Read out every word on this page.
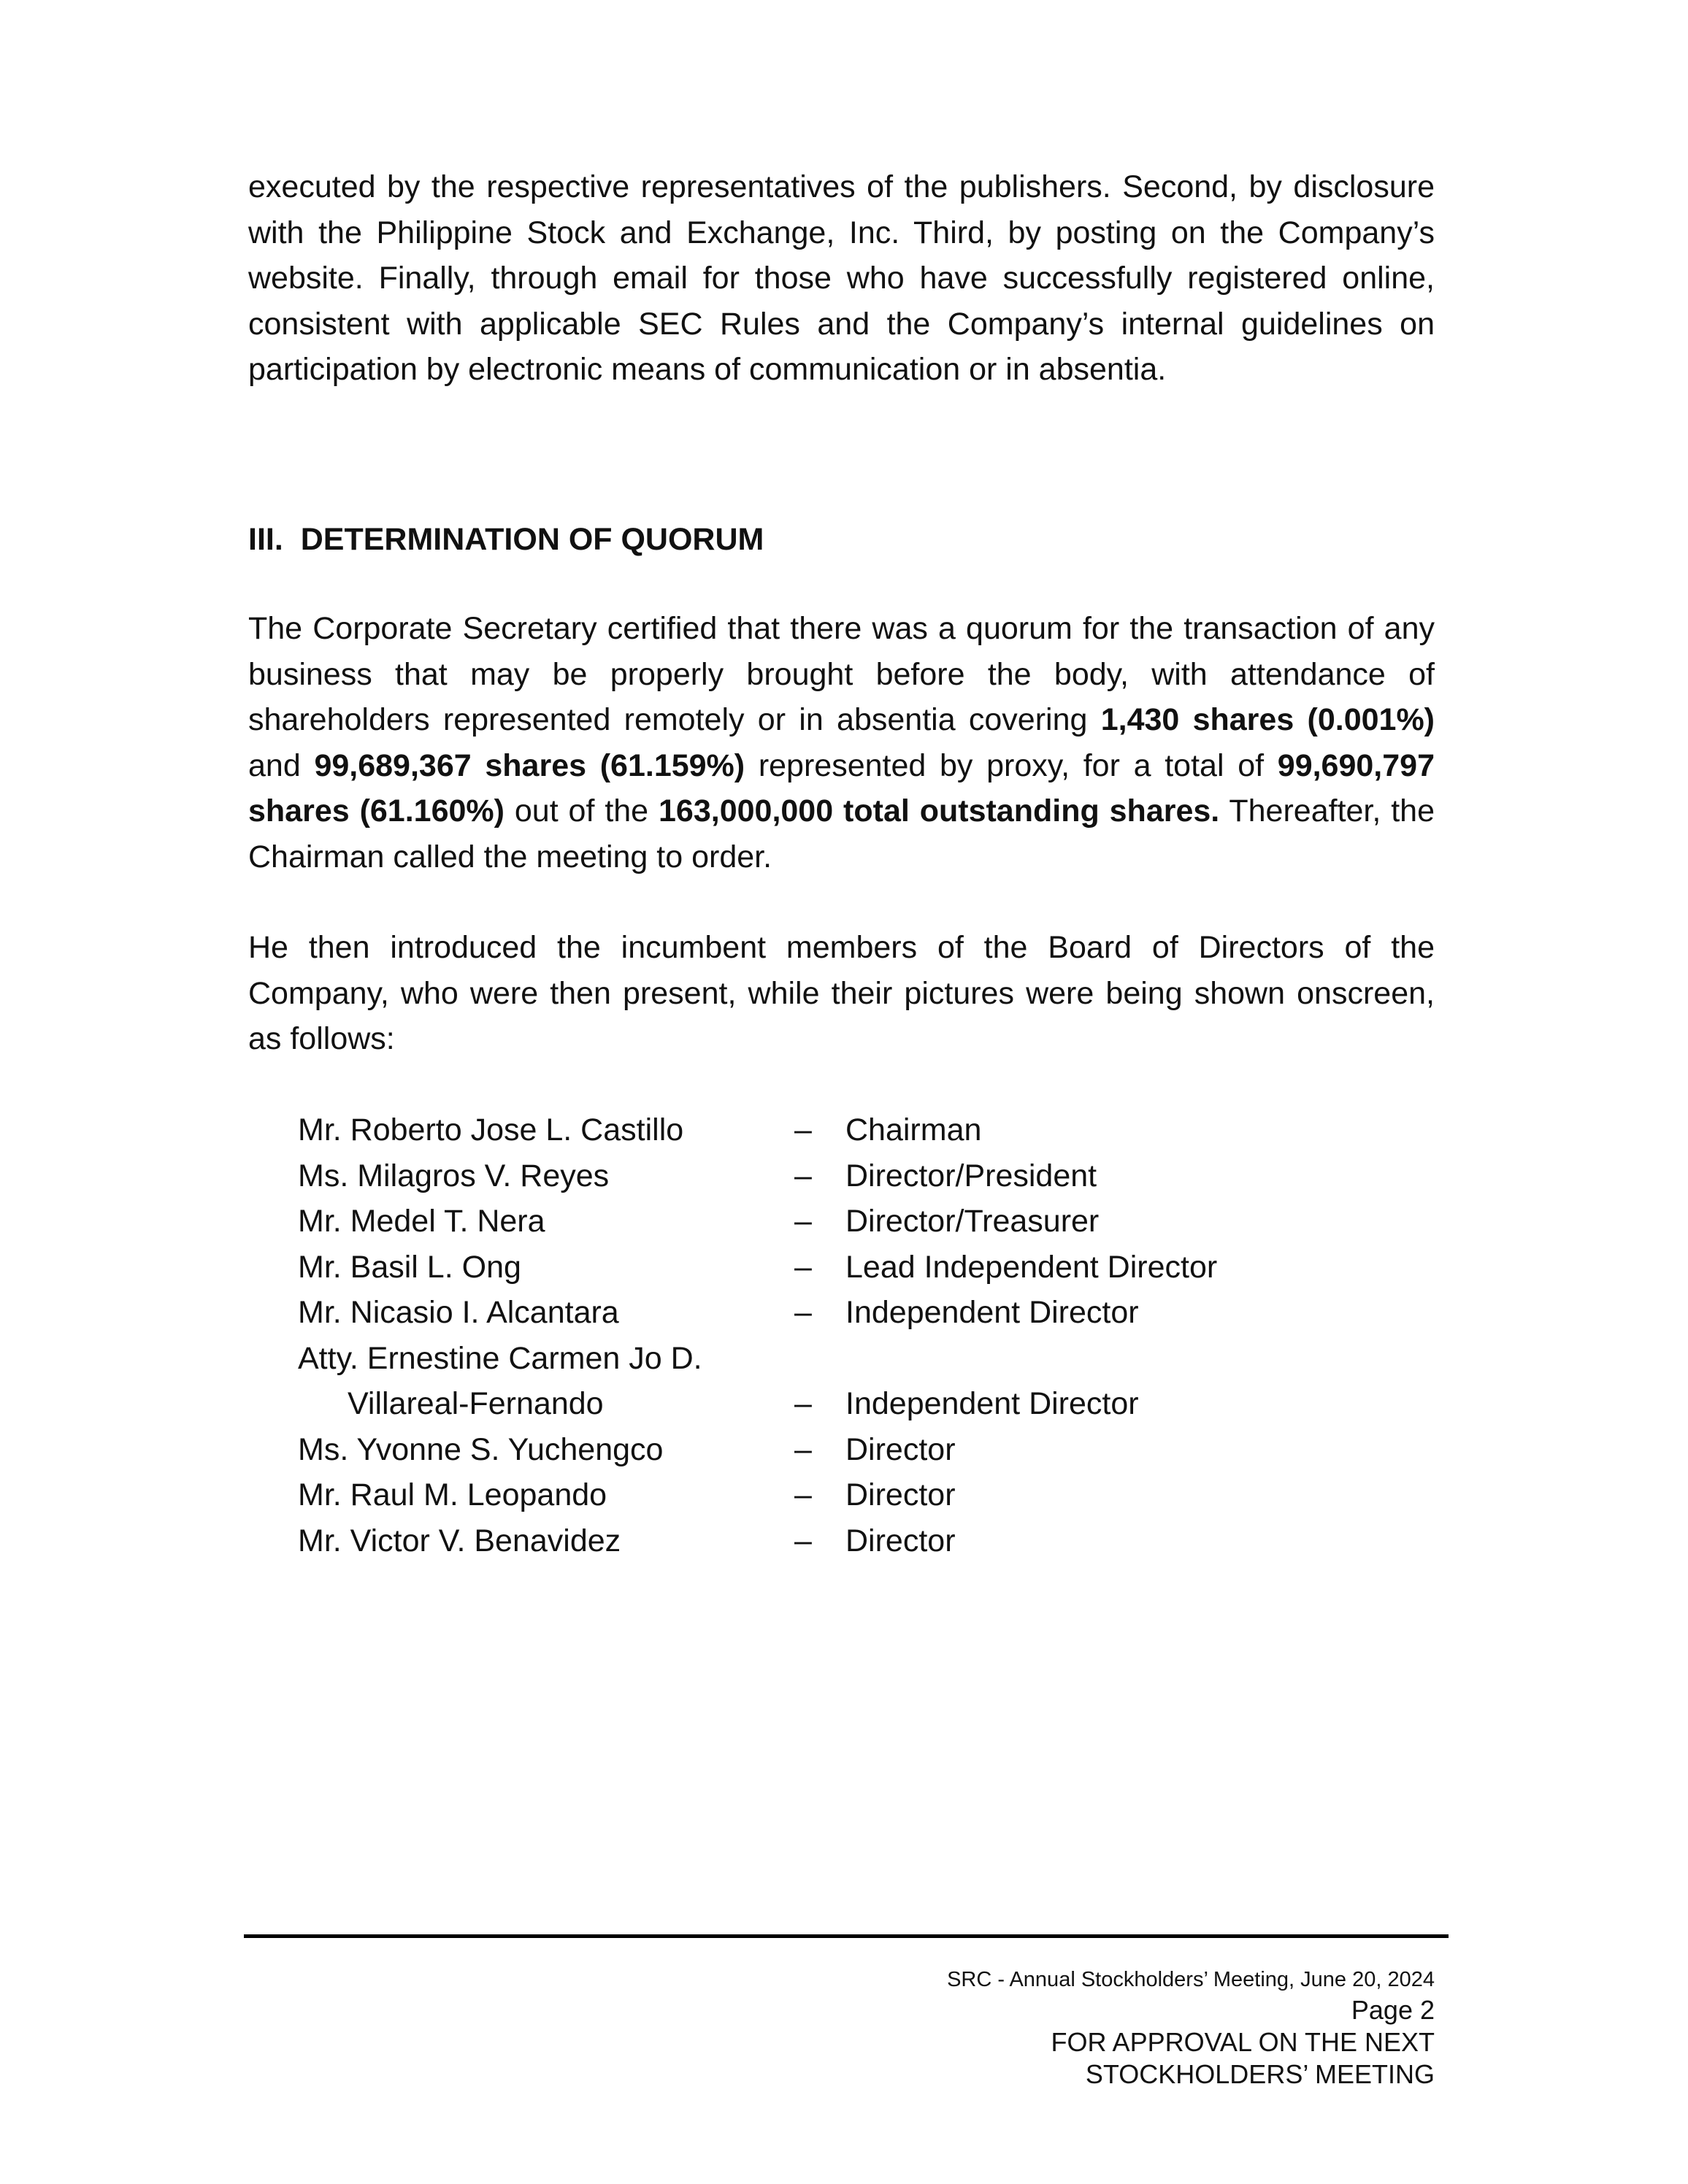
executed by the respective representatives of the publishers. Second, by disclosure with the Philippine Stock and Exchange, Inc. Third, by posting on the Company’s website. Finally, through email for those who have successfully registered online, consistent with applicable SEC Rules and the Company’s internal guidelines on participation by electronic means of communication or in absentia.

III. DETERMINATION OF QUORUM

The Corporate Secretary certified that there was a quorum for the transaction of any business that may be properly brought before the body, with attendance of shareholders represented remotely or in absentia covering 1,430 shares (0.001%) and 99,689,367 shares (61.159%) represented by proxy, for a total of 99,690,797 shares (61.160%) out of the 163,000,000 total outstanding shares. Thereafter, the Chairman called the meeting to order.

He then introduced the incumbent members of the Board of Directors of the Company, who were then present, while their pictures were being shown onscreen, as follows:

Mr. Roberto Jose L. Castillo	–	Chairman
Ms. Milagros V. Reyes	–	Director/President
Mr. Medel T. Nera	–	Director/Treasurer
Mr. Basil L. Ong	–	Lead Independent Director
Mr. Nicasio I. Alcantara	–	Independent Director
Atty. Ernestine Carmen Jo D.
Villareal-Fernando	–	Independent Director
Ms. Yvonne S. Yuchengco	–	Director
Mr. Raul M. Leopando	–	Director
Mr. Victor V. Benavidez	–	Director
SRC - Annual Stockholders’ Meeting, June 20, 2024
Page 2
FOR APPROVAL ON THE NEXT
STOCKHOLDERS’ MEETING
